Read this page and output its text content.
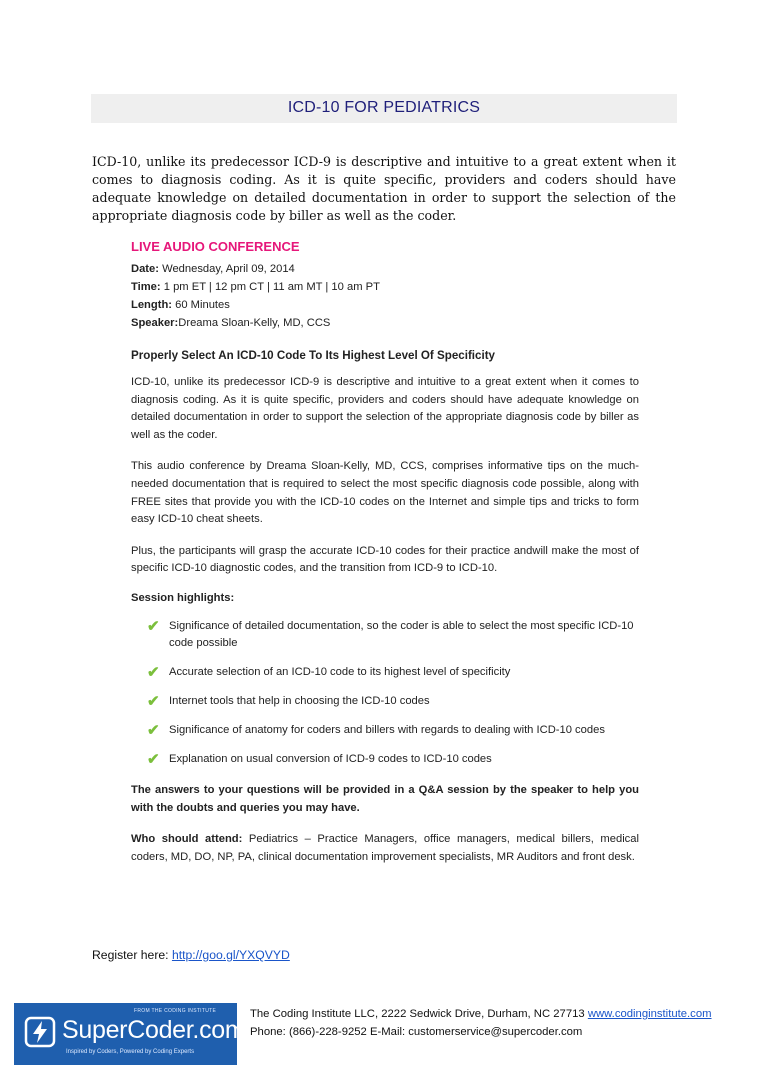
ICD-10 FOR PEDIATRICS

ICD-10, unlike its predecessor ICD-9 is descriptive and intuitive to a great extent when it comes to diagnosis coding. As it is quite specific, providers and coders should have adequate knowledge on detailed documentation in order to support the selection of the appropriate diagnosis code by biller as well as the coder.

LIVE AUDIO CONFERENCE
Date: Wednesday, April 09, 2014
Time: 1 pm ET | 12 pm CT | 11 am MT | 10 am PT
Length: 60 Minutes
Speaker:Dreama Sloan-Kelly, MD, CCS
Properly Select An ICD-10 Code To Its Highest Level Of Specificity

ICD-10, unlike its predecessor ICD-9 is descriptive and intuitive to a great extent when it comes to diagnosis coding. As it is quite specific, providers and coders should have adequate knowledge on detailed documentation in order to support the selection of the appropriate diagnosis code by biller as well as the coder.

This audio conference by Dreama Sloan-Kelly, MD, CCS, comprises informative tips on the much-needed documentation that is required to select the most specific diagnosis code possible, along with FREE sites that provide you with the ICD-10 codes on the Internet and simple tips and tricks to form easy ICD-10 cheat sheets.

Plus, the participants will grasp the accurate ICD-10 codes for their practice andwill make the most of specific ICD-10 diagnostic codes, and the transition from ICD-9 to ICD-10.

Session highlights:
✔ Significance of detailed documentation, so the coder is able to select the most specific ICD-10 code possible
✔ Accurate selection of an ICD-10 code to its highest level of specificity
✔ Internet tools that help in choosing the ICD-10 codes
✔ Significance of anatomy for coders and billers with regards to dealing with ICD-10 codes
✔ Explanation on usual conversion of ICD-9 codes to ICD-10 codes

The answers to your questions will be provided in a Q&A session by the speaker to help you with the doubts and queries you may have.

Who should attend: Pediatrics – Practice Managers, office managers, medical billers, medical coders, MD, DO, NP, PA, clinical documentation improvement specialists, MR Auditors and front desk.

Register here: http://goo.gl/YXQVYD
FROM THE CODING INSTITUTE
SuperCoder.com
Inspired by Coders, Powered by Coding Experts
The Coding Institute LLC, 2222 Sedwick Drive, Durham, NC 27713 www.codinginstitute.com
Phone: (866)-228-9252 E-Mail: customerservice@supercoder.com
